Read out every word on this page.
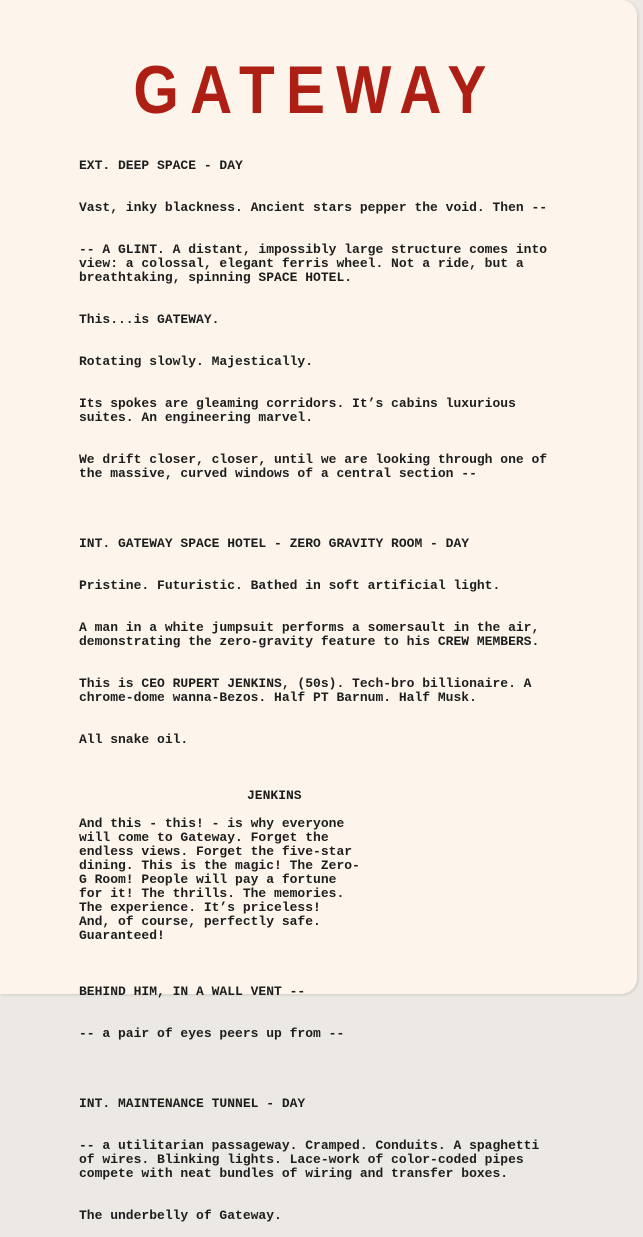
GATEWAY

EXT. DEEP SPACE - DAY

Vast, inky blackness. Ancient stars pepper the void. Then --

-- A GLINT. A distant, impossibly large structure comes into
view: a colossal, elegant ferris wheel. Not a ride, but a
breathtaking, spinning SPACE HOTEL.

This...is GATEWAY.

Rotating slowly. Majestically.

Its spokes are gleaming corridors. It’s cabins luxurious
suites. An engineering marvel.

We drift closer, closer, until we are looking through one of
the massive, curved windows of a central section --

INT. GATEWAY SPACE HOTEL - ZERO GRAVITY ROOM - DAY

Pristine. Futuristic. Bathed in soft artificial light.

A man in a white jumpsuit performs a somersault in the air,
demonstrating the zero-gravity feature to his CREW MEMBERS.

This is CEO RUPERT JENKINS, (50s). Tech-bro billionaire. A
chrome-dome wanna-Bezos. Half PT Barnum. Half Musk.

All snake oil.

JENKINS

And this - this! - is why everyone
will come to Gateway. Forget the
endless views. Forget the five-star
dining. This is the magic! The Zero-
G Room! People will pay a fortune
for it! The thrills. The memories.
The experience. It’s priceless!
And, of course, perfectly safe.
Guaranteed!

BEHIND HIM, IN A WALL VENT --

-- a pair of eyes peers up from --

INT. MAINTENANCE TUNNEL - DAY

-- a utilitarian passageway. Cramped. Conduits. A spaghetti
of wires. Blinking lights. Lace-work of color-coded pipes
compete with neat bundles of wiring and transfer boxes.

The underbelly of Gateway.
